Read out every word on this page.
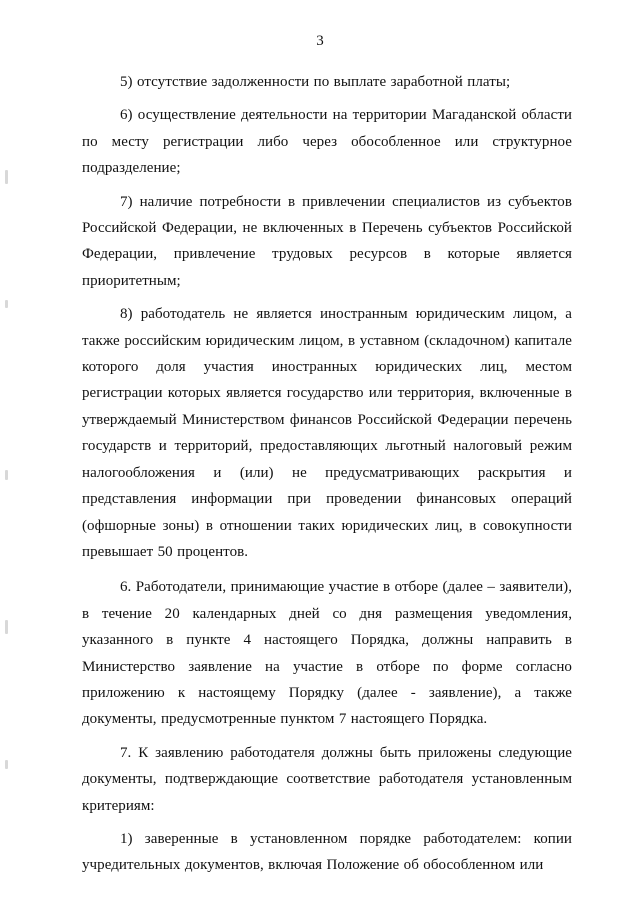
3

5) отсутствие задолженности по выплате заработной платы;

6) осуществление деятельности на территории Магаданской области по месту регистрации либо через обособленное или структурное подразделение;

7) наличие потребности в привлечении специалистов из субъектов Российской Федерации, не включенных в Перечень субъектов Российской Федерации, привлечение трудовых ресурсов в которые является приоритетным;

8) работодатель не является иностранным юридическим лицом, а также российским юридическим лицом, в уставном (складочном) капитале которого доля участия иностранных юридических лиц, местом регистрации которых является государство или территория, включенные в утверждаемый Министерством финансов Российской Федерации перечень государств и территорий, предоставляющих льготный налоговый режим налогообложения и (или) не предусматривающих раскрытия и представления информации при проведении финансовых операций (офшорные зоны) в отношении таких юридических лиц, в совокупности превышает 50 процентов.

6. Работодатели, принимающие участие в отборе (далее – заявители), в течение 20 календарных дней со дня размещения уведомления, указанного в пункте 4 настоящего Порядка, должны направить в Министерство заявление на участие в отборе по форме согласно приложению к настоящему Порядку (далее - заявление), а также документы, предусмотренные пунктом 7 настоящего Порядка.

7. К заявлению работодателя должны быть приложены следующие документы, подтверждающие соответствие работодателя установленным критериям:

1) заверенные в установленном порядке работодателем: копии учредительных документов, включая Положение об обособленном или
